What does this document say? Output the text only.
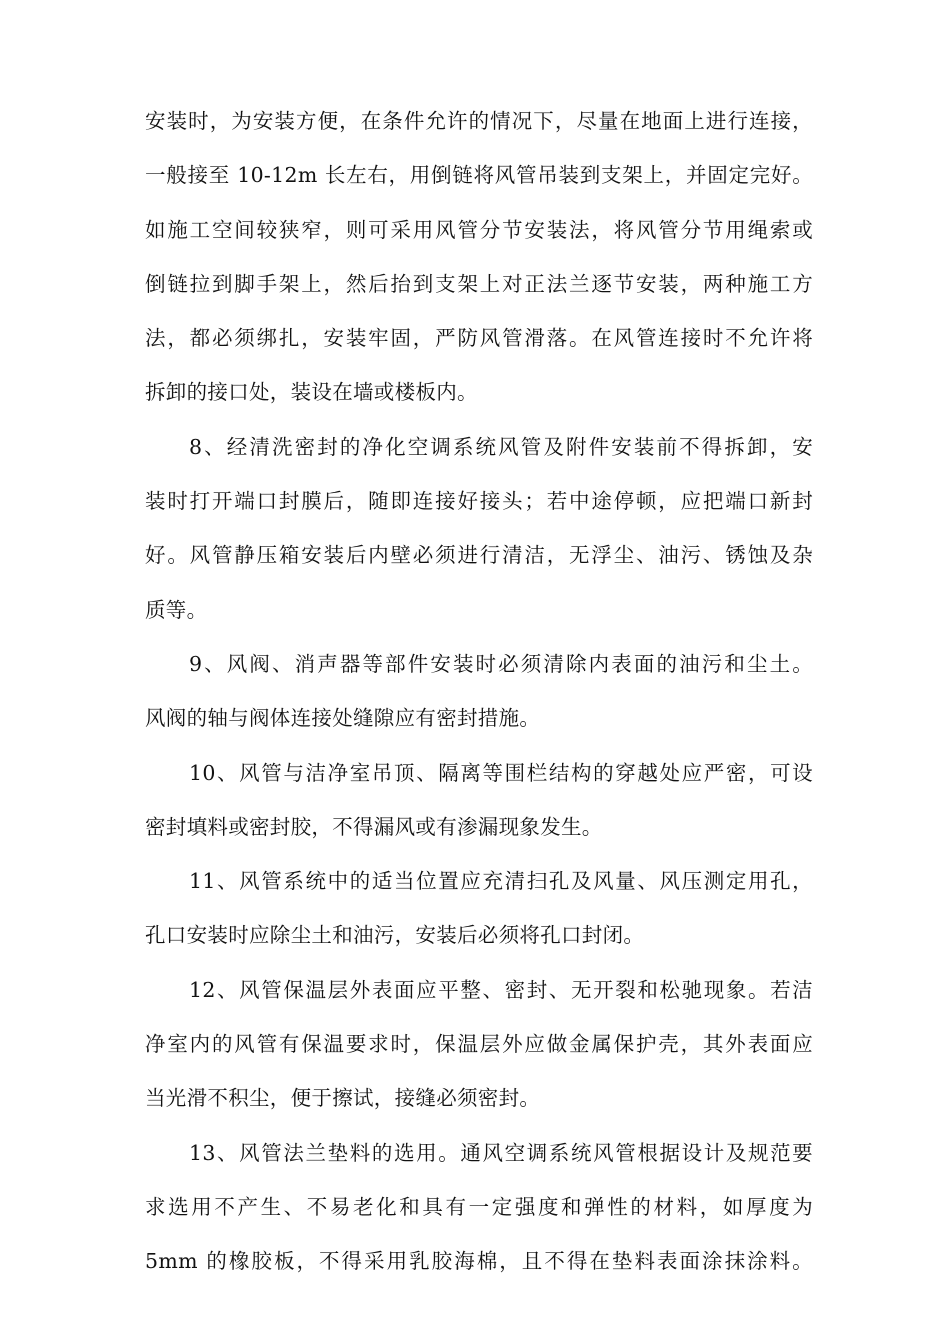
安装时，为安装方便，在条件允许的情况下，尽量在地面上进行连接，
一般接至 10-12m 长左右，用倒链将风管吊装到支架上，并固定完好。
如施工空间较狭窄，则可采用风管分节安装法，将风管分节用绳索或
倒链拉到脚手架上，然后抬到支架上对正法兰逐节安装，两种施工方
法，都必须绑扎，安装牢固，严防风管滑落。在风管连接时不允许将
拆卸的接口处，装设在墙或楼板内。
8、经清洗密封的净化空调系统风管及附件安装前不得拆卸，安
装时打开端口封膜后，随即连接好接头；若中途停顿，应把端口新封
好。风管静压箱安装后内壁必须进行清洁，无浮尘、油污、锈蚀及杂
质等。
9、风阀、消声器等部件安装时必须清除内表面的油污和尘土。
风阀的轴与阀体连接处缝隙应有密封措施。
10、风管与洁净室吊顶、隔离等围栏结构的穿越处应严密，可设
密封填料或密封胶，不得漏风或有渗漏现象发生。
11、风管系统中的适当位置应充清扫孔及风量、风压测定用孔，
孔口安装时应除尘土和油污，安装后必须将孔口封闭。
12、风管保温层外表面应平整、密封、无开裂和松驰现象。若洁
净室内的风管有保温要求时，保温层外应做金属保护壳，其外表面应
当光滑不积尘，便于擦试，接缝必须密封。
13、风管法兰垫料的选用。通风空调系统风管根据设计及规范要
求选用不产生、不易老化和具有一定强度和弹性的材料，如厚度为
5mm 的橡胶板，不得采用乳胶海棉，且不得在垫料表面涂抹涂料。
